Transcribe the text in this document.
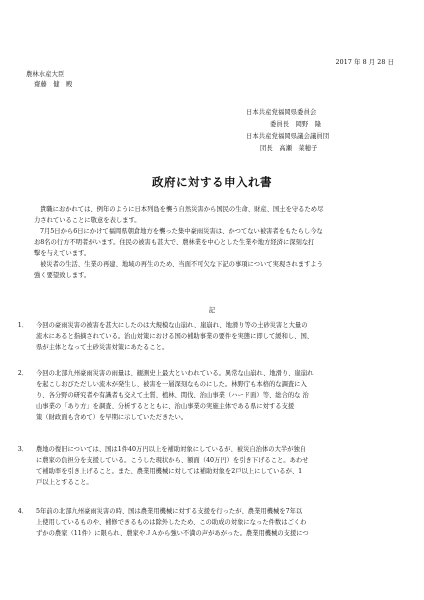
2017 年 8 月 28 日
農林水産大臣
齋藤　健　殿
日本共産党福岡県委員会
委員長　岡野　隆
日本共産党福岡県議会議員団
団長　高瀬　菜穂子
政府に対する申入れ書
貴職におかれては、例年のように日本列島を襲う自然災害から国民の生命、財産、国土を守るため尽
力されていることに敬意を表します。
7月5日から6日にかけて福岡県朝倉地方を襲った集中豪雨災害は、かつてない被害者をもたらし今な
お8名の行方不明者がいます。住民の被害も甚大で、農林業を中心とした生業や地方経済に深刻な打
撃を与えています。
被災者の生活、生業の再建、地域の再生のため、当面不可欠な下記の事項について実現されますよう
強く要望致します。
記
1． 今回の豪雨災害の被害を甚大にしたのは大規模な山崩れ、崖崩れ、地滑り等の土砂災害と大量の
流木にあると指摘されている。治山対策における国の補助事業の要件を実態に即して緩和し、国、
県が主体となって土砂災害対策にあたること。
2． 今回の北部九州豪雨災害の雨量は、観測史上最大といわれている。異常な山崩れ、地滑り、崖崩れ
を起こしおびただしい流木が発生し、被害を一層深刻なものにした。林野庁も本格的な調査に入
り、各分野の研究者や有識者も交えて土質、植林、間伐、治山事業（ハード面）等、総合的な 治
山事業の「あり方」を調査、分析するとともに、治山事業の実施主体である県に対する支援
策（財政面も含めて）を早期に示していただきたい。
3． 農地の復旧については、国は1件40万円以上を補助対象にしているが、被災自治体の大半が独自
に農家の負担分を支援している。こうした現状から、額面（40万円）を引き下げること。あわせ
て補助率を引き上げること。また、農業用機械に対しては補助対象を2戸以上にしているが、1
戸以上とすること。
4． 5年前の北部九州豪雨災害の時、国は農業用機械に対する支援を行ったが、農業用機械を7年以
上使用しているものや、補修できるものは除外したため、この助成の対象になった件数はごくわ
ずかの農家（11件）に限られ、農家やＪＡから強い不満の声があがった。農業用機械の支援につ
